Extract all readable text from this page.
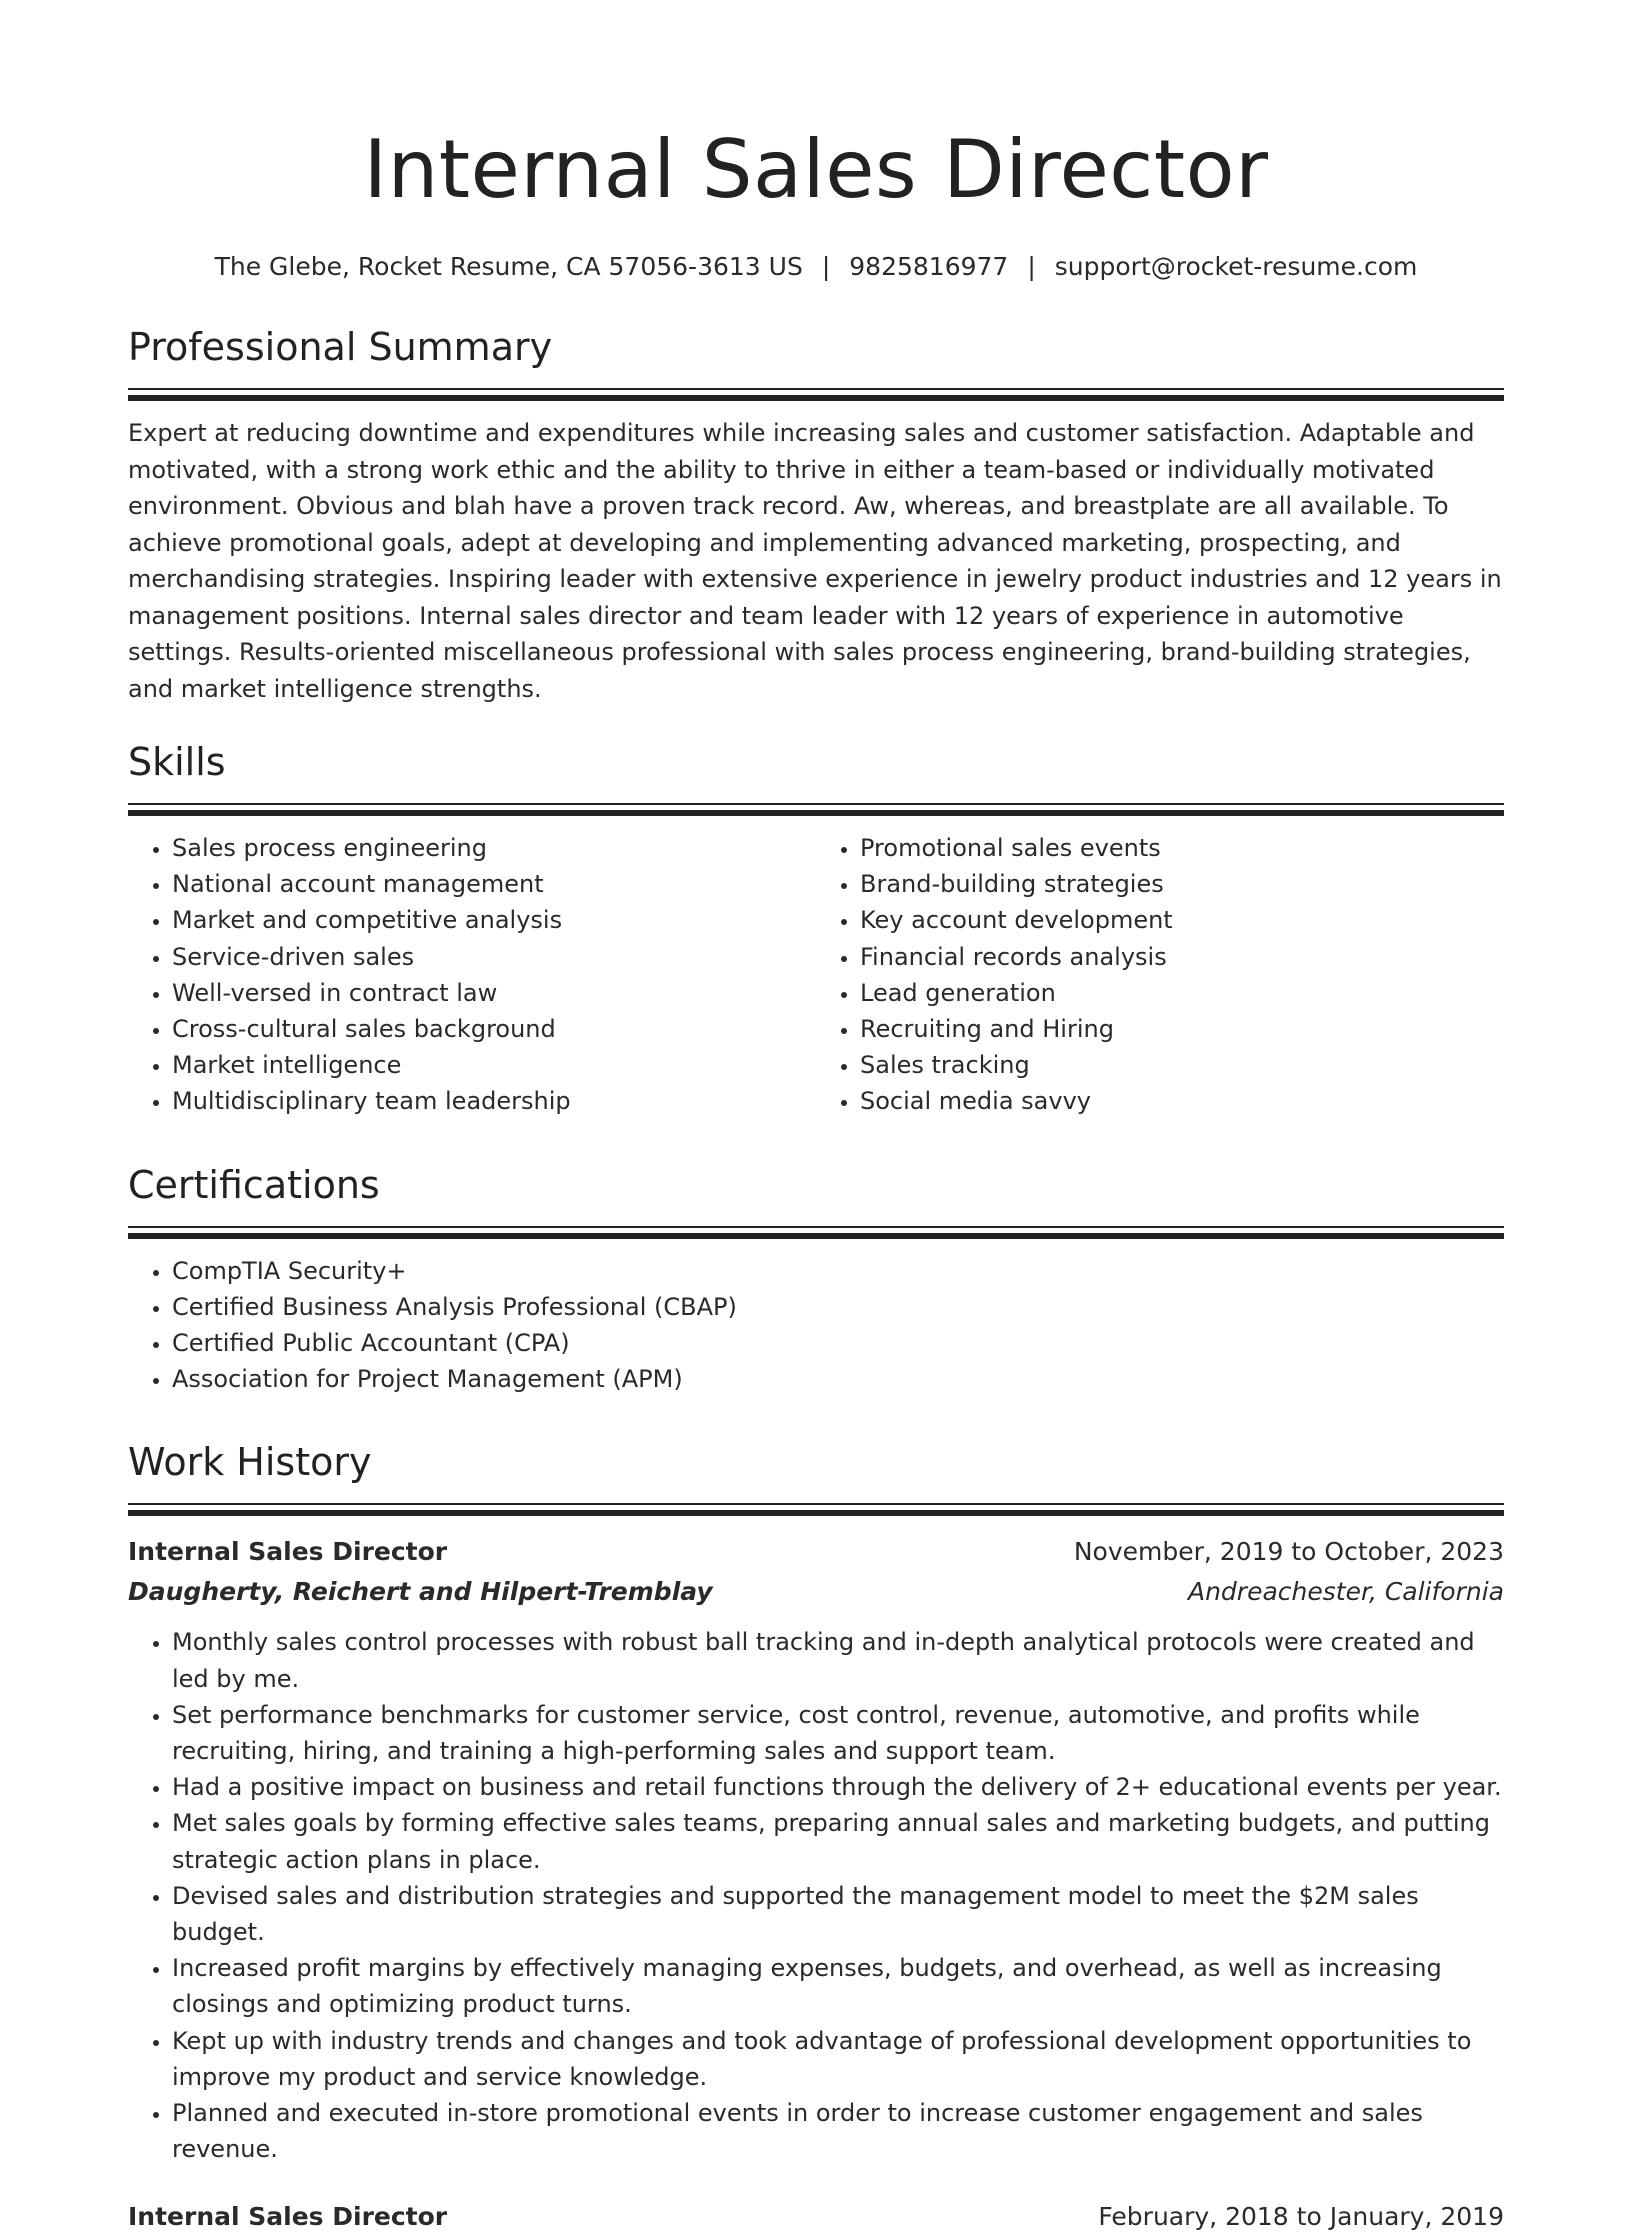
Internal Sales Director
The Glebe, Rocket Resume, CA 57056-3613 US | 9825816977 | support@rocket-resume.com
Professional Summary

Expert at reducing downtime and expenditures while increasing sales and customer satisfaction. Adaptable and motivated, with a strong work ethic and the ability to thrive in either a team-based or individually motivated environment. Obvious and blah have a proven track record. Aw, whereas, and breastplate are all available. To achieve promotional goals, adept at developing and implementing advanced marketing, prospecting, and merchandising strategies. Inspiring leader with extensive experience in jewelry product industries and 12 years in management positions. Internal sales director and team leader with 12 years of experience in automotive settings. Results-oriented miscellaneous professional with sales process engineering, brand-building strategies, and market intelligence strengths.

Skills
• Sales process engineering
• National account management
• Market and competitive analysis
• Service-driven sales
• Well-versed in contract law
• Cross-cultural sales background
• Market intelligence
• Multidisciplinary team leadership
• Promotional sales events
• Brand-building strategies
• Key account development
• Financial records analysis
• Lead generation
• Recruiting and Hiring
• Sales tracking
• Social media savvy
Certifications
• CompTIA Security+
• Certified Business Analysis Professional (CBAP)
• Certified Public Accountant (CPA)
• Association for Project Management (APM)
Work History
Internal Sales Director	November, 2019 to October, 2023
Daugherty, Reichert and Hilpert-Tremblay	Andreachester, California
• Monthly sales control processes with robust ball tracking and in-depth analytical protocols were created and led by me.
• Set performance benchmarks for customer service, cost control, revenue, automotive, and profits while recruiting, hiring, and training a high-performing sales and support team.
• Had a positive impact on business and retail functions through the delivery of 2+ educational events per year.
• Met sales goals by forming effective sales teams, preparing annual sales and marketing budgets, and putting strategic action plans in place.
• Devised sales and distribution strategies and supported the management model to meet the $2M sales budget.
• Increased profit margins by effectively managing expenses, budgets, and overhead, as well as increasing closings and optimizing product turns.
• Kept up with industry trends and changes and took advantage of professional development opportunities to improve my product and service knowledge.
• Planned and executed in-store promotional events in order to increase customer engagement and sales revenue.
Internal Sales Director	February, 2018 to January, 2019
